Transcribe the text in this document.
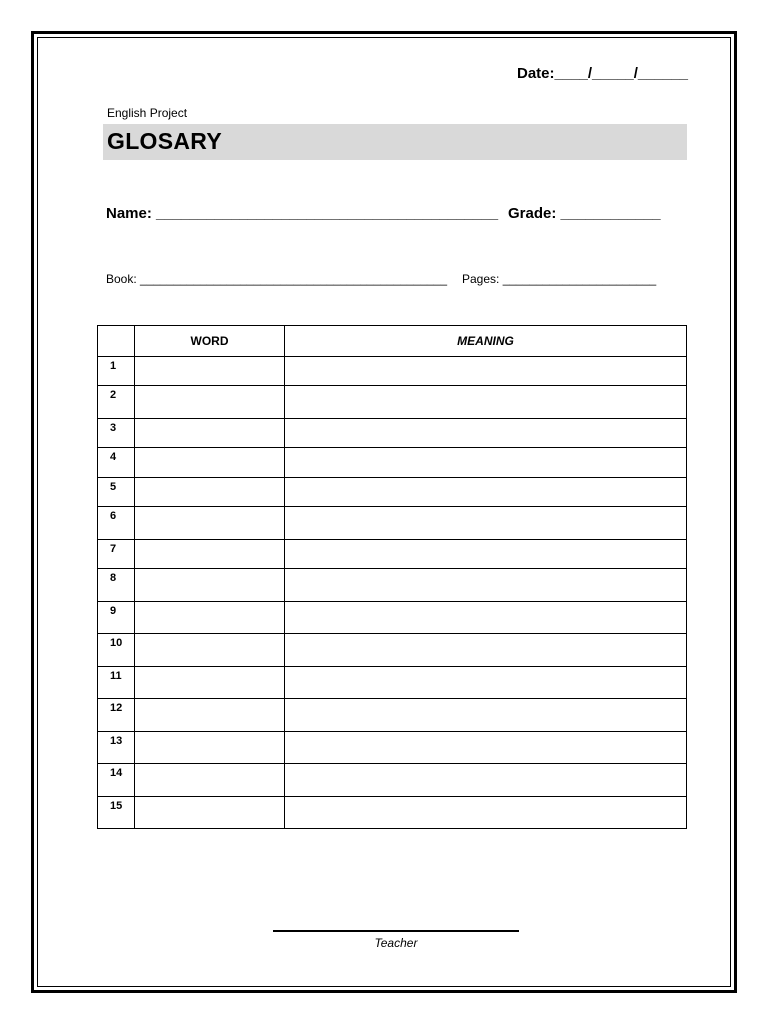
Date:____/_____/______
English Project
GLOSARY
Name: _________________________________________ Grade: ____________
Book: ______________________________________________ Pages: _______________________
	WORD	MEANING
1		
2		
3		
4		
5		
6		
7		
8		
9		
10		
11		
12		
13		
14		
15		
Teacher
